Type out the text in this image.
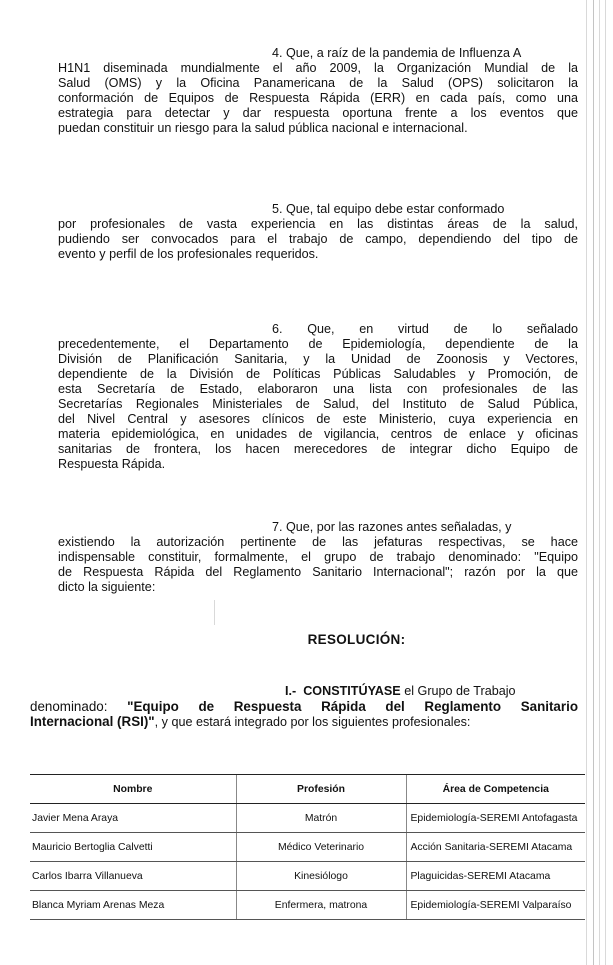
4. Que, a raíz de la pandemia de Influenza A
H1N1 diseminada mundialmente el año 2009, la Organización Mundial de la
Salud (OMS) y la Oficina Panamericana de la Salud (OPS) solicitaron la
conformación de Equipos de Respuesta Rápida (ERR) en cada país, como una
estrategia para detectar y dar respuesta oportuna frente a los eventos que
puedan constituir un riesgo para la salud pública nacional e internacional.
5. Que, tal equipo debe estar conformado
por profesionales de vasta experiencia en las distintas áreas de la salud,
pudiendo ser convocados para el trabajo de campo, dependiendo del tipo de
evento y perfil de los profesionales requeridos.
6. Que, en virtud de lo señalado
precedentemente, el Departamento de Epidemiología, dependiente de la
División de Planificación Sanitaria, y la Unidad de Zoonosis y Vectores,
dependiente de la División de Políticas Públicas Saludables y Promoción, de
esta Secretaría de Estado, elaboraron una lista con profesionales de las
Secretarías Regionales Ministeriales de Salud, del Instituto de Salud Pública,
del Nivel Central y asesores clínicos de este Ministerio, cuya experiencia en
materia epidemiológica, en unidades de vigilancia, centros de enlace y oficinas
sanitarias de frontera, los hacen merecedores de integrar dicho Equipo de
Respuesta Rápida.
7. Que, por las razones antes señaladas, y
existiendo la autorización pertinente de las jefaturas respectivas, se hace
indispensable constituir, formalmente, el grupo de trabajo denominado: "Equipo
de Respuesta Rápida del Reglamento Sanitario Internacional"; razón por la que
dicto la siguiente:
RESOLUCIÓN:
I.- CONSTITÚYASE el Grupo de Trabajo
denominado: "Equipo de Respuesta Rápida del Reglamento Sanitario
Internacional (RSI)", y que estará integrado por los siguientes profesionales:
Nombre	Profesión	Área de Competencia
Javier Mena Araya	Matrón	Epidemiología-SEREMI Antofagasta
Mauricio Bertoglia Calvetti	Médico Veterinario	Acción Sanitaria-SEREMI Atacama
Carlos Ibarra Villanueva	Kinesiólogo	Plaguicidas-SEREMI Atacama
Blanca Myriam Arenas Meza	Enfermera, matrona	Epidemiología-SEREMI Valparaíso
